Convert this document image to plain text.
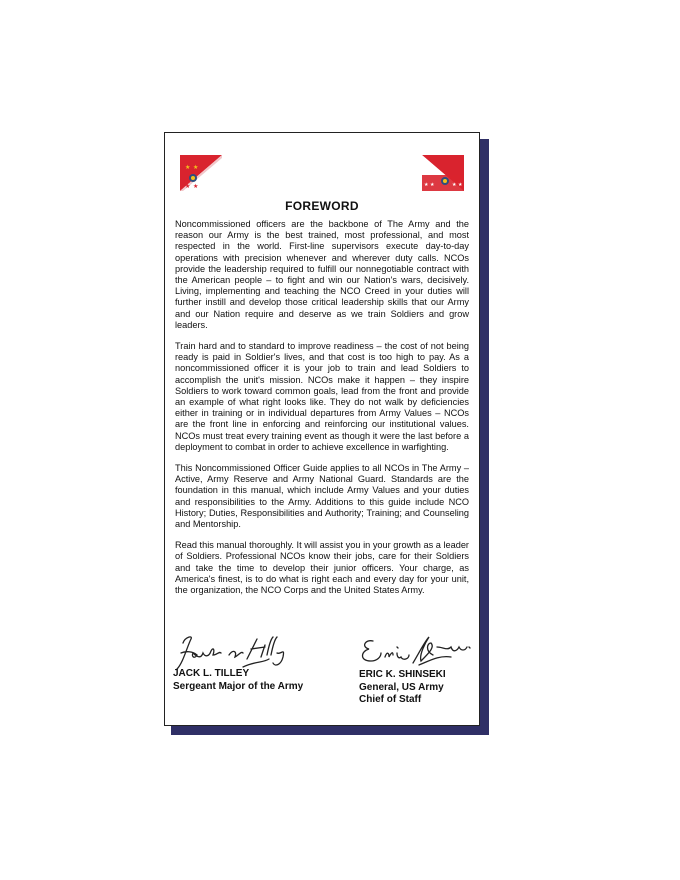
★ ★
★ ★	★ ★	★ ★
FOREWORD

Noncommissioned officers are the backbone of The Army and the reason our Army is the best trained, most professional, and most respected in the world. First-line supervisors execute day-to-day operations with precision whenever and wherever duty calls. NCOs provide the leadership required to fulfill our nonnegotiable contract with the American people – to fight and win our Nation's wars, decisively. Living, implementing and teaching the NCO Creed in your duties will further instill and develop those critical leadership skills that our Army and our Nation require and deserve as we train Soldiers and grow leaders.

Train hard and to standard to improve readiness – the cost of not being ready is paid in Soldier's lives, and that cost is too high to pay. As a noncommissioned officer it is your job to train and lead Soldiers to accomplish the unit's mission. NCOs make it happen – they inspire Soldiers to work toward common goals, lead from the front and provide an example of what right looks like. They do not walk by deficiencies either in training or in individual departures from Army Values – NCOs are the front line in enforcing and reinforcing our institutional values. NCOs must treat every training event as though it were the last before a deployment to combat in order to achieve excellence in warfighting.

This Noncommissioned Officer Guide applies to all NCOs in The Army – Active, Army Reserve and Army National Guard. Standards are the foundation in this manual, which include Army Values and your duties and responsibilities to the Army. Additions to this guide include NCO History; Duties, Responsibilities and Authority; Training; and Counseling and Mentorship.

Read this manual thoroughly. It will assist you in your growth as a leader of Soldiers. Professional NCOs know their jobs, care for their Soldiers and take the time to develop their junior officers. Your charge, as America's finest, is to do what is right each and every day for your unit, the organization, the NCO Corps and the United States Army.

JACK L. TILLEY
Sergeant Major of the Army
ERIC K. SHINSEKI
General, US Army
Chief of Staff
